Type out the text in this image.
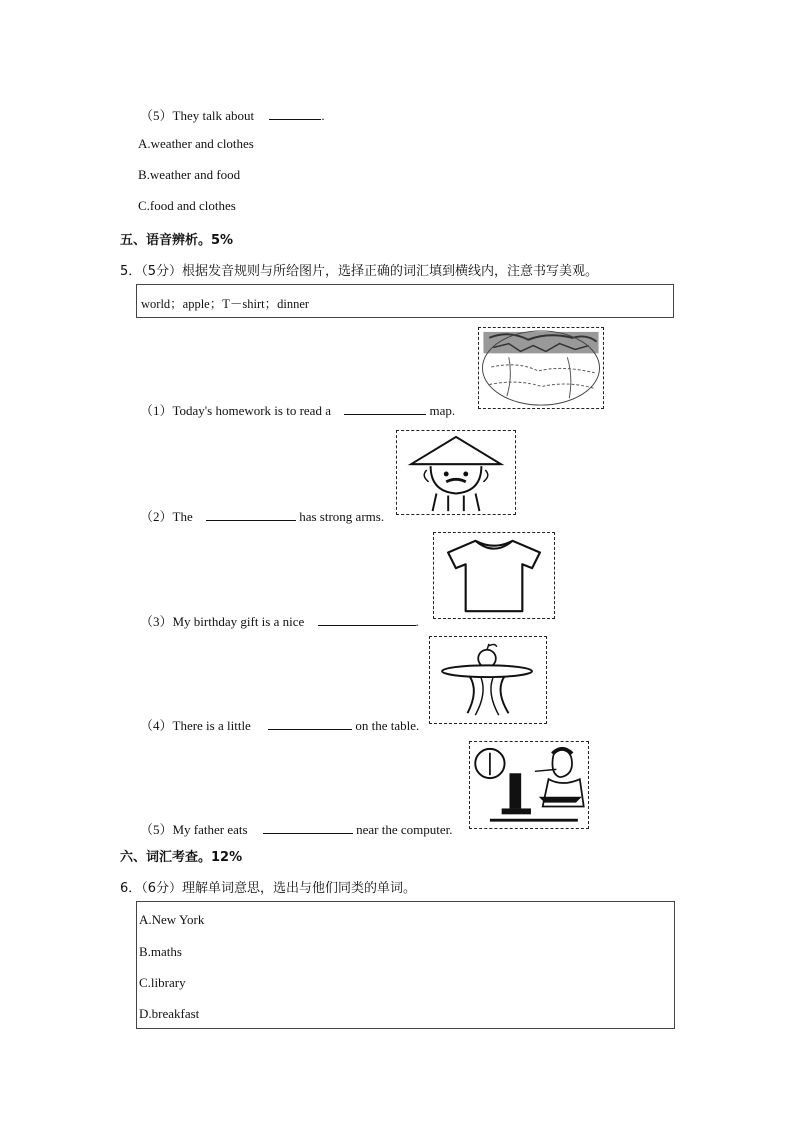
（5）They talk about	.
A.weather and clothes
B.weather and food
C.food and clothes
五、语音辨析。5%
5．（5分）根据发音规则与所给图片，选择正确的词汇填到横线内，注意书写美观。
world；apple；T－shirt；dinner
（1）Today's homework is to read a	map.
（2）The	has strong arms.
（3）My birthday gift is a nice	.
（4）There is a little	on the table.
（5）My father eats	near the computer.
六、词汇考查。12%
6．（6分）理解单词意思，选出与他们同类的单词。
A.New York
B.maths
C.library
D.breakfast
